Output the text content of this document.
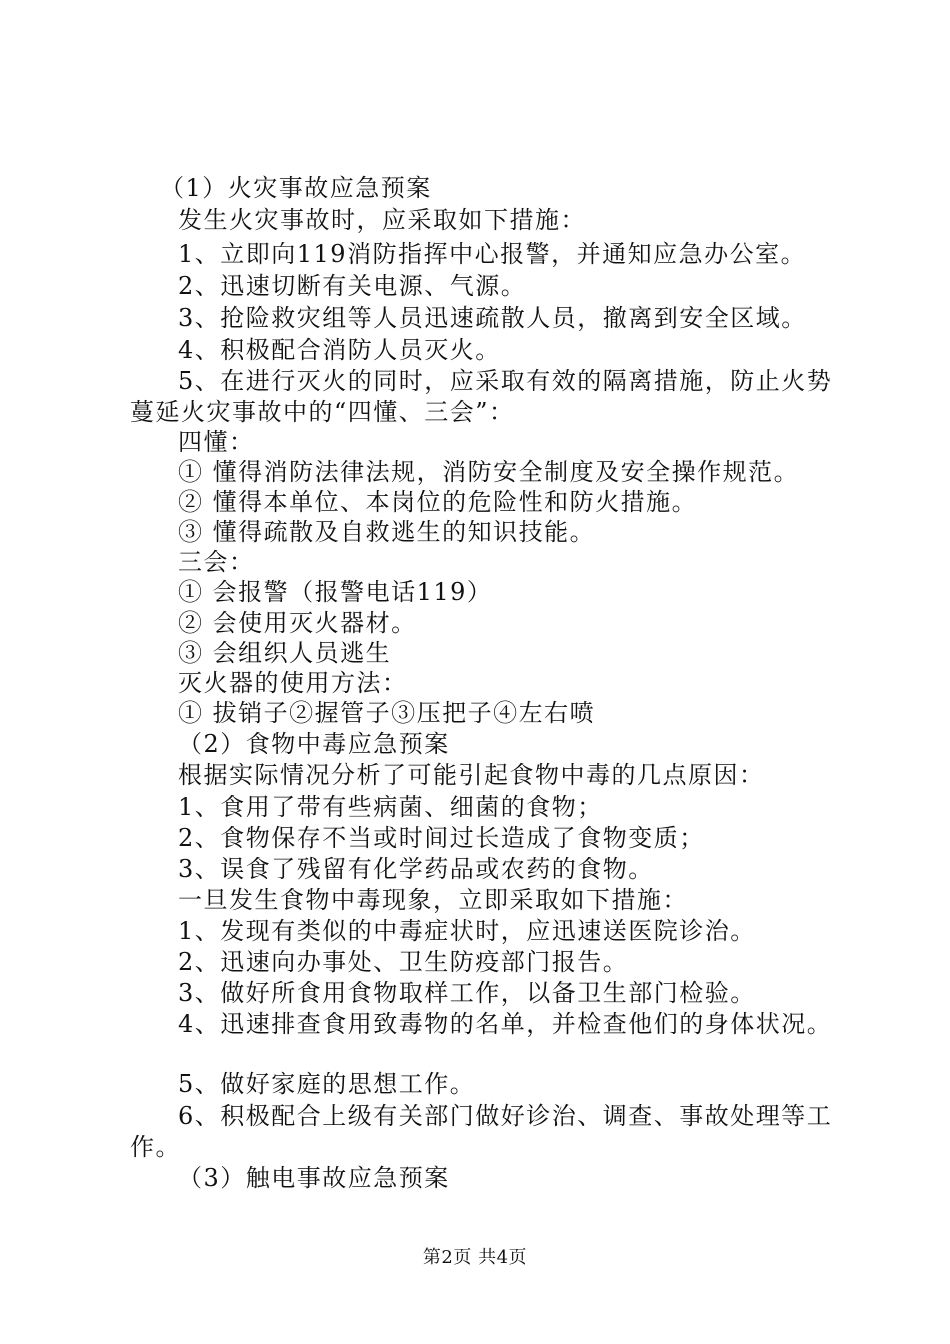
（1）火灾事故应急预案
发生火灾事故时，应采取如下措施：
1、立即向119消防指挥中心报警，并通知应急办公室。
2、迅速切断有关电源、气源。
3、抢险救灾组等人员迅速疏散人员，撤离到安全区域。
4、积极配合消防人员灭火。
5、在进行灭火的同时，应采取有效的隔离措施，防止火势
蔓延火灾事故中的“四懂、三会”：
四懂：
① 懂得消防法律法规，消防安全制度及安全操作规范。
② 懂得本单位、本岗位的危险性和防火措施。
③ 懂得疏散及自救逃生的知识技能。
三会：
① 会报警（报警电话119）
② 会使用灭火器材。
③ 会组织人员逃生
灭火器的使用方法：
① 拔销子②握管子③压把子④左右喷
（2）食物中毒应急预案
根据实际情况分析了可能引起食物中毒的几点原因：
1、食用了带有些病菌、细菌的食物；
2、食物保存不当或时间过长造成了食物变质；
3、误食了残留有化学药品或农药的食物。
一旦发生食物中毒现象，立即采取如下措施：
1、发现有类似的中毒症状时，应迅速送医院诊治。
2、迅速向办事处、卫生防疫部门报告。
3、做好所食用食物取样工作，以备卫生部门检验。
4、迅速排查食用致毒物的名单，并检查他们的身体状况。
5、做好家庭的思想工作。
6、积极配合上级有关部门做好诊治、调查、事故处理等工
作。
（3）触电事故应急预案
第2页 共4页
